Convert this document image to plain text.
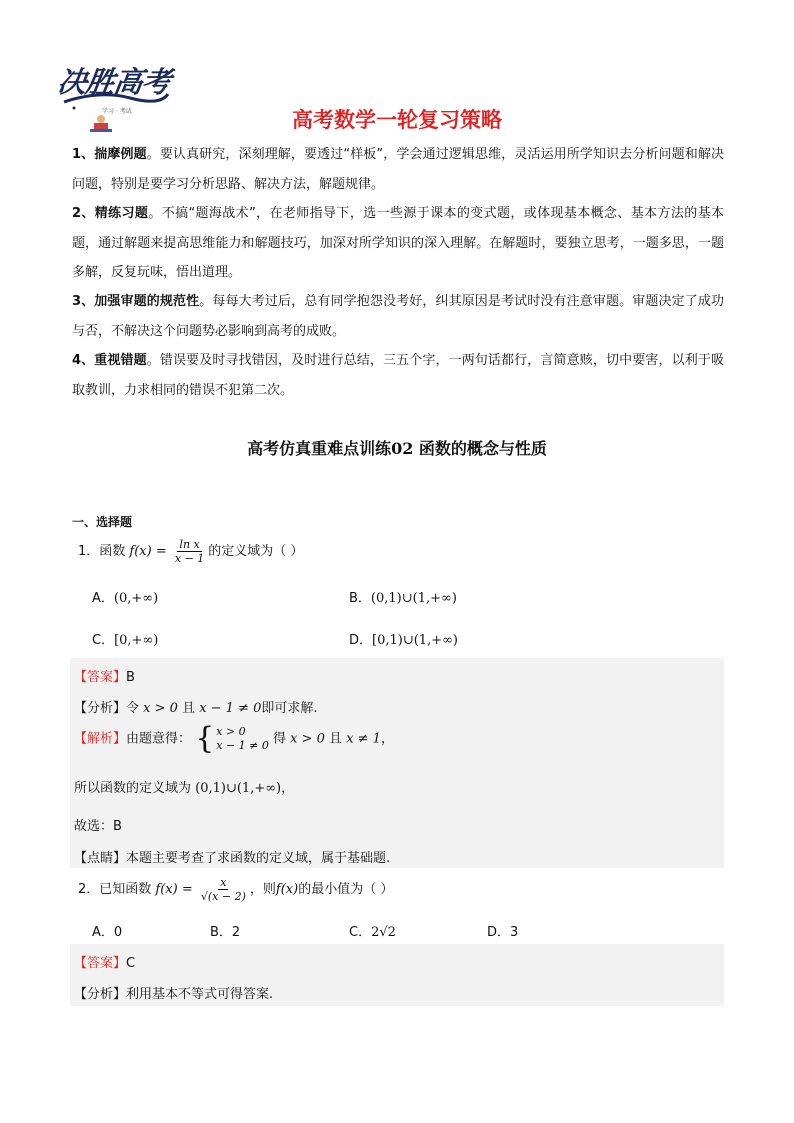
决胜高考
学习 · 考试	高考数学一轮复习策略
1、揣摩例题。要认真研究，深刻理解，要透过“样板”，学会通过逻辑思维，灵活运用所学知识去分析问题和解决问题，特别是要学习分析思路、解决方法，解题规律。
2、精练习题。不搞“题海战术”，在老师指导下，选一些源于课本的变式题，或体现基本概念、基本方法的基本题，通过解题来提高思维能力和解题技巧，加深对所学知识的深入理解。在解题时，要独立思考，一题多思，一题多解，反复玩味，悟出道理。
3、加强审题的规范性。每每大考过后，总有同学抱怨没考好，纠其原因是考试时没有注意审题。审题决定了成功与否，不解决这个问题势必影响到高考的成败。
4、重视错题。错误要及时寻找错因，及时进行总结，三五个字，一两句话都行，言简意赅，切中要害，以利于吸取教训，力求相同的错误不犯第二次。
高考仿真重难点训练02 函数的概念与性质
一、选择题
1．函数 $f(x) = \frac{\text{ln x}}{x - 1}$ 的定义域为（ ）
A．(0,+∞)	B．(0,1)∪(1,+∞)
C．[0,+∞)	D．[0,1)∪(1,+∞)
【答案】B
【分析】令 x > 0 且 x − 1 ≠ 0即可求解.
【解析】由题意得： { x > 0
x − 1 ≠ 0 得 x > 0 且 x ≠ 1，
所以函数的定义域为 (0,1)∪(1,+∞)，
故选：B
【点睛】本题主要考查了求函数的定义域，属于基础题.
2．已知函数 $f(x) = \frac{x}{√(x - 2)}$ ，则f(x)的最小值为（ ）
A．0	B．2	C．2√2	D．3
【答案】C
【分析】利用基本不等式可得答案.
